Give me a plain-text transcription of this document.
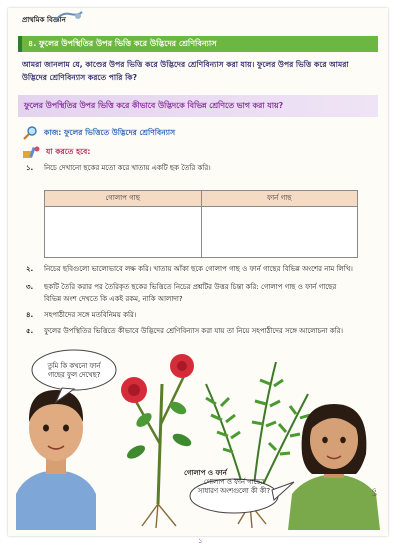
প্রাথমিক বিজ্ঞান
৪. ফুলের উপস্থিতির উপর ভিত্তি করে উদ্ভিদের শ্রেণিবিন্যাস
আমরা জানলাম যে, কাণ্ডের উপর ভিত্তি করে উদ্ভিদের শ্রেণিবিন্যাস করা যায়। ফুলের উপর ভিত্তি করে আমরা
উদ্ভিদের শ্রেণিবিন্যাস করতে পারি কি?
ফুলের উপস্থিতির উপর ভিত্তি করে কীভাবে উদ্ভিদকে বিভিন্ন শ্রেণিতে ভাগ করা যায়?
কাজ: ফুলের ভিত্তিতে উদ্ভিদের শ্রেণিবিন্যাস
যা করতে হবে:
১.	নিচে দেখানো ছকের মতো করে খাতায় একটি ছক তৈরি করি।
২.	নিচের ছবিগুলো ভালোভাবে লক্ষ করি। খাতায় আঁকা ছকে গোলাপ গাছ ও ফার্ন গাছের বিভিন্ন অংশের নাম লিখি।
৩.	ছকটি তৈরি করার পর তৈরিকৃত ছকের ভিত্তিতে নিচের প্রশ্নটির উত্তর চিন্তা করি: গোলাপ গাছ ও ফার্ন গাছের
বিভিন্ন অংশ দেখতে কি একই রকম, নাকি আলাদা?
৪.	সহপাঠীদের সঙ্গে মতবিনিময় করি।
৫.	ফুলের উপস্থিতির ভিত্তিতে কীভাবে উদ্ভিদের শ্রেণিবিন্যাস করা যায় তা নিয়ে সহপাঠীদের সঙ্গে আলোচনা করি।
গোলাপ গাছ	ফার্ন গাছ
তুমি কি কখনো ফার্ন
গাছের ফুল দেখেছ?
গোলাপ ও ফার্ন
গোলাপ ও ফার্ন গাছের
সাধারণ অংশগুলো কী কী?	৩৭
১
